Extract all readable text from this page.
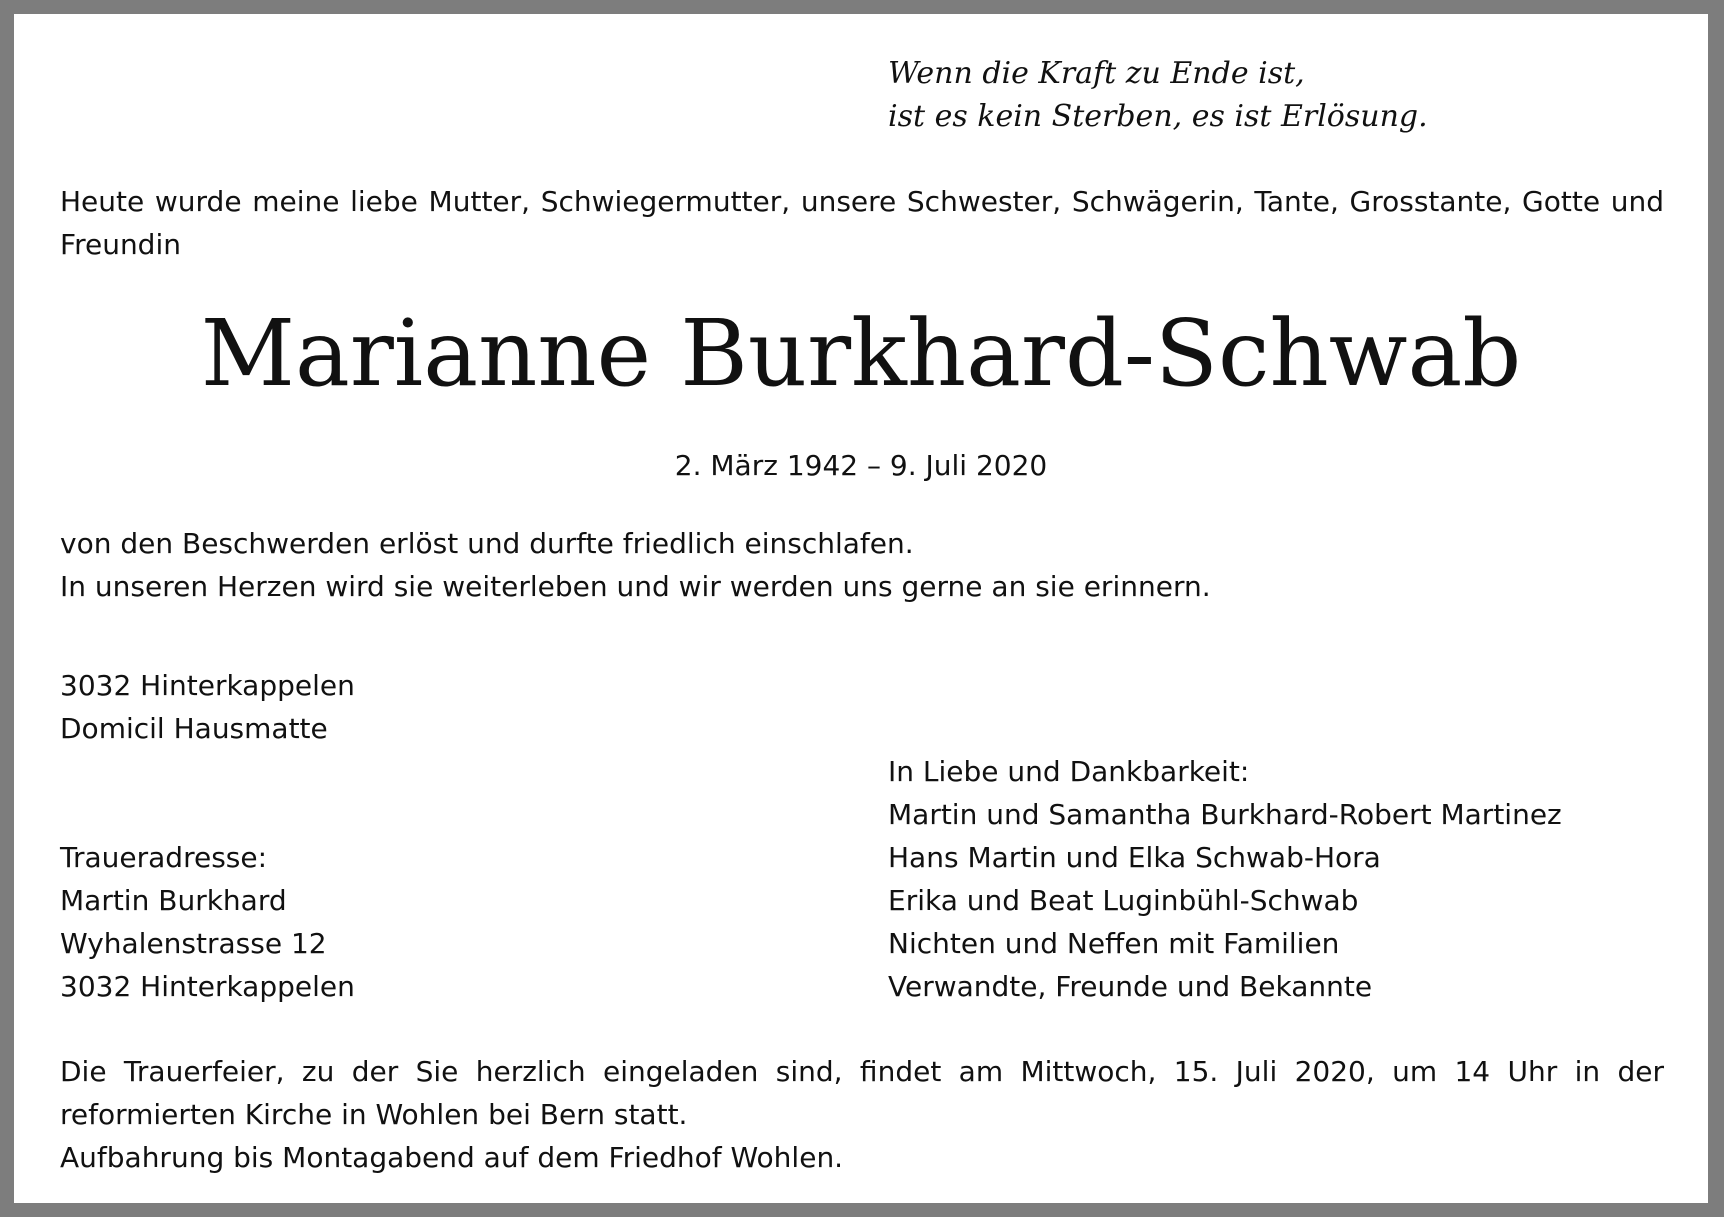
Wenn die Kraft zu Ende ist,
ist es kein Sterben, es ist Erlösung.
Heute wurde meine liebe Mutter, Schwiegermutter, unsere Schwester, Schwägerin, Tante, Grosstante, Gotte und Freundin
Marianne Burkhard-Schwab
2. März 1942 – 9. Juli 2020
von den Beschwerden erlöst und durfte friedlich einschlafen.
In unseren Herzen wird sie weiterleben und wir werden uns gerne an sie erinnern.
3032 Hinterkappelen
Domicil Hausmatte
In Liebe und Dankbarkeit:
Martin und Samantha Burkhard-Robert Martinez
Hans Martin und Elka Schwab-Hora
Erika und Beat Luginbühl-Schwab
Nichten und Neffen mit Familien
Verwandte, Freunde und Bekannte
Traueradresse:
Martin Burkhard
Wyhalenstrasse 12
3032 Hinterkappelen
Die Trauerfeier, zu der Sie herzlich eingeladen sind, findet am Mittwoch, 15. Juli 2020, um 14 Uhr in der reformierten Kirche in Wohlen bei Bern statt.
Aufbahrung bis Montagabend auf dem Friedhof Wohlen.
